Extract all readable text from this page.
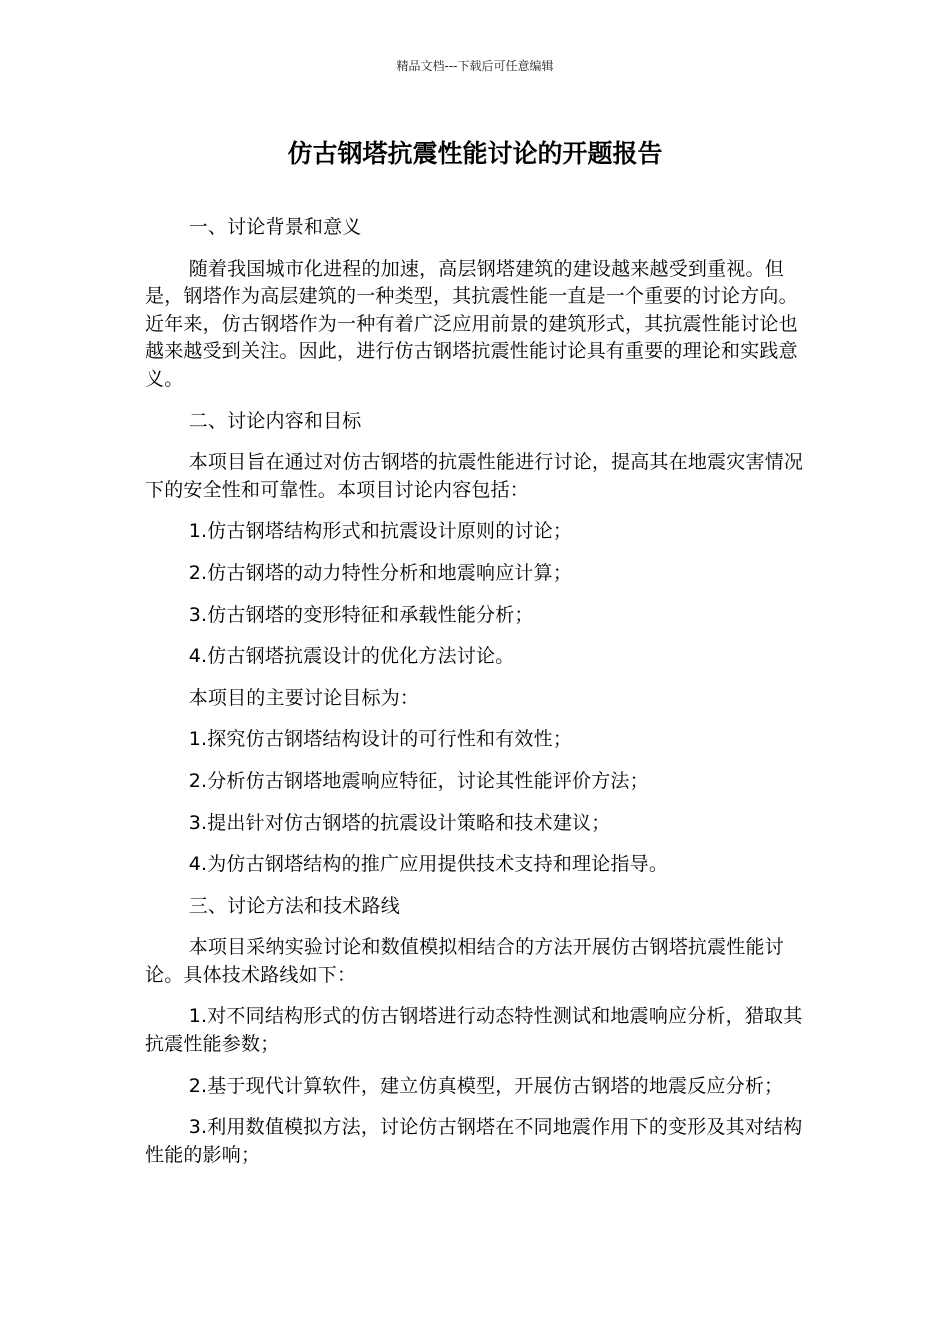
精品文档---下载后可任意编辑
仿古钢塔抗震性能讨论的开题报告

一、讨论背景和意义

随着我国城市化进程的加速，高层钢塔建筑的建设越来越受到重视。但是，钢塔作为高层建筑的一种类型，其抗震性能一直是一个重要的讨论方向。近年来，仿古钢塔作为一种有着广泛应用前景的建筑形式，其抗震性能讨论也越来越受到关注。因此，进行仿古钢塔抗震性能讨论具有重要的理论和实践意义。

二、讨论内容和目标

本项目旨在通过对仿古钢塔的抗震性能进行讨论，提高其在地震灾害情况下的安全性和可靠性。本项目讨论内容包括：

1.仿古钢塔结构形式和抗震设计原则的讨论；

2.仿古钢塔的动力特性分析和地震响应计算；

3.仿古钢塔的变形特征和承载性能分析；

4.仿古钢塔抗震设计的优化方法讨论。

本项目的主要讨论目标为：

1.探究仿古钢塔结构设计的可行性和有效性；

2.分析仿古钢塔地震响应特征，讨论其性能评价方法；

3.提出针对仿古钢塔的抗震设计策略和技术建议；

4.为仿古钢塔结构的推广应用提供技术支持和理论指导。

三、讨论方法和技术路线

本项目采纳实验讨论和数值模拟相结合的方法开展仿古钢塔抗震性能讨论。具体技术路线如下：

1.对不同结构形式的仿古钢塔进行动态特性测试和地震响应分析，猎取其抗震性能参数；

2.基于现代计算软件，建立仿真模型，开展仿古钢塔的地震反应分析；

3.利用数值模拟方法，讨论仿古钢塔在不同地震作用下的变形及其对结构性能的影响；
